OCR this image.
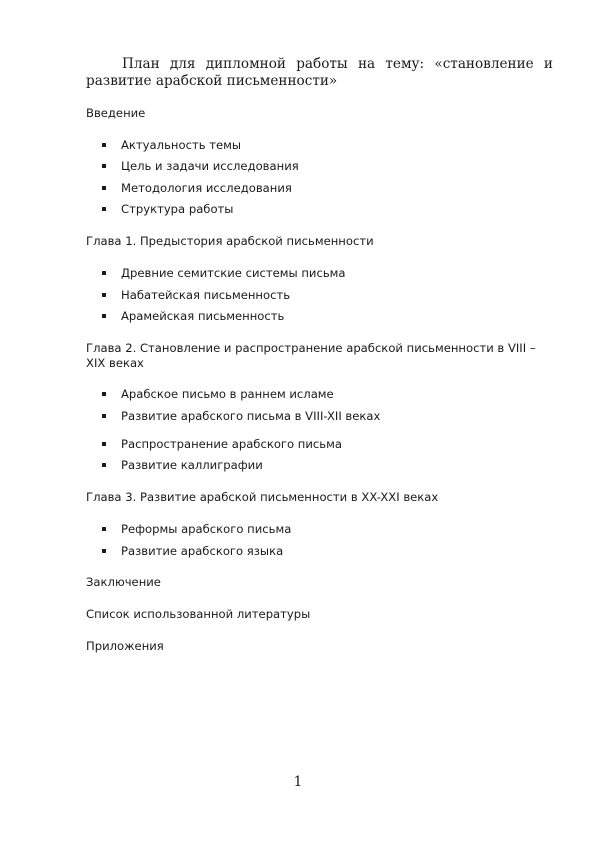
План для дипломной работы на тему: «становление и развитие арабской письменности»

Введение

Актуальность темы

Цель и задачи исследования

Методология исследования

Структура работы

Глава 1. Предыстория арабской письменности

Древние семитские системы письма

Набатейская письменность

Арамейская письменность

Глава 2. Становление и распространение арабской письменности в VIII – XIX веках

Арабское письмо в раннем исламе

Развитие арабского письма в VIII-XII веках

Распространение арабского письма

Развитие каллиграфии

Глава 3. Развитие арабской письменности в XX-XXI веках

Реформы арабского письма

Развитие арабского языка

Заключение

Список использованной литературы

Приложения

1
